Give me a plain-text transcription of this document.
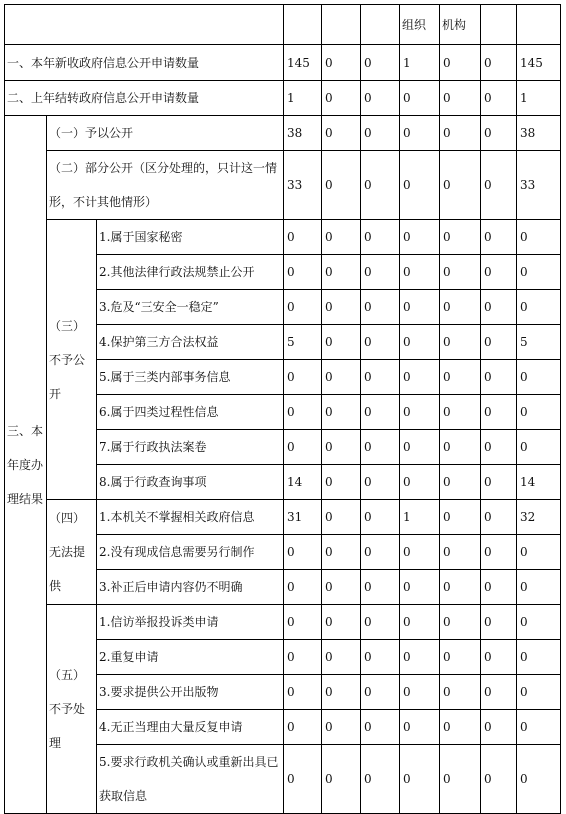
						组织	机构		
一、本年新收政府信息公开申请数量			145	0	0	1	0	0	145
二、上年结转政府信息公开申请数量			1	0	0	0	0	0	1
三、本年度办理结果	（一）予以公开		38	0	0	0	0	0	38
	（二）部分公开（区分处理的，只计这一情形，不计其他情形）		33	0	0	0	0	0	33
	（三）不予公开	1.属于国家秘密	0	0	0	0	0	0	0
		2.其他法律行政法规禁止公开	0	0	0	0	0	0	0
		3.危及“三安全一稳定”	0	0	0	0	0	0	0
		4.保护第三方合法权益	5	0	0	0	0	0	5
		5.属于三类内部事务信息	0	0	0	0	0	0	0
		6.属于四类过程性信息	0	0	0	0	0	0	0
		7.属于行政执法案卷	0	0	0	0	0	0	0
		8.属于行政查询事项	14	0	0	0	0	0	14
	（四）无法提供	1.本机关不掌握相关政府信息	31	0	0	1	0	0	32
		2.没有现成信息需要另行制作	0	0	0	0	0	0	0
		3.补正后申请内容仍不明确	0	0	0	0	0	0	0
	（五）不予处理	1.信访举报投诉类申请	0	0	0	0	0	0	0
		2.重复申请	0	0	0	0	0	0	0
		3.要求提供公开出版物	0	0	0	0	0	0	0
		4.无正当理由大量反复申请	0	0	0	0	0	0	0
		5.要求行政机关确认或重新出具已获取信息	0	0	0	0	0	0	0
